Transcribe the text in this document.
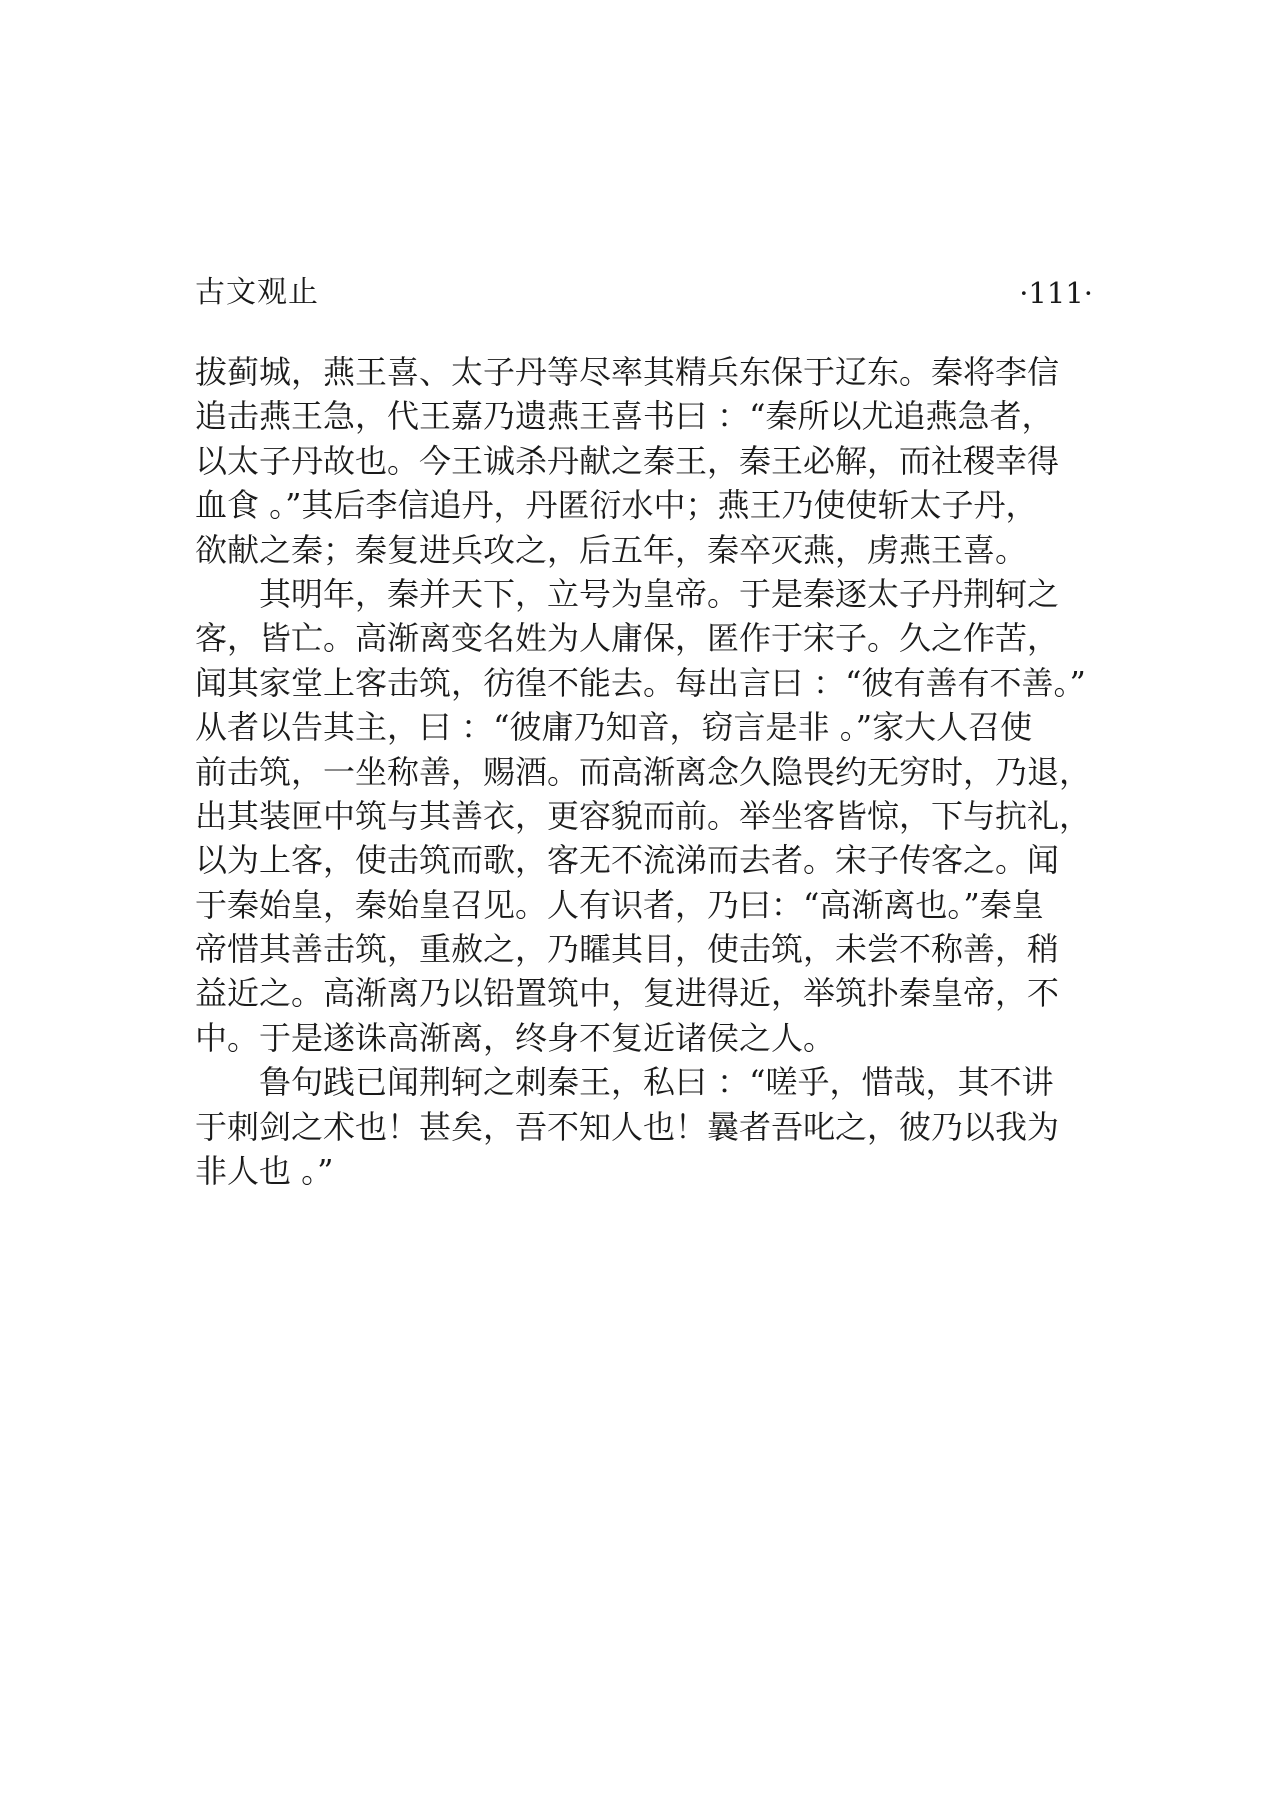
古文观止	·111·
拔蓟城，燕王喜、太子丹等尽率其精兵东保于辽东。秦将李信
追击燕王急，代王嘉乃遗燕王喜书曰 ：“秦所以尤追燕急者，
以太子丹故也。今王诚杀丹献之秦王，秦王必解，而社稷幸得
血食 。”其后李信追丹，丹匿衍水中；燕王乃使使斩太子丹，
欲献之秦；秦复进兵攻之，后五年，秦卒灭燕，虏燕王喜。
　　其明年，秦并天下，立号为皇帝。于是秦逐太子丹荆轲之
客，皆亡。高渐离变名姓为人庸保，匿作于宋子。久之作苦，
闻其家堂上客击筑，彷徨不能去。每出言曰 ：“彼有善有不善。”
从者以告其主，曰 ：“彼庸乃知音，窃言是非 。”家大人召使
前击筑，一坐称善，赐酒。而高渐离念久隐畏约无穷时，乃退，
出其装匣中筑与其善衣，更容貌而前。举坐客皆惊，下与抗礼，
以为上客，使击筑而歌，客无不流涕而去者。宋子传客之。闻
于秦始皇，秦始皇召见。人有识者，乃曰：“高渐离也。”秦皇
帝惜其善击筑，重赦之，乃矐其目，使击筑，未尝不称善，稍
益近之。高渐离乃以铅置筑中，复进得近，举筑扑秦皇帝，不
中。于是遂诛高渐离，终身不复近诸侯之人。
　　鲁句践已闻荆轲之刺秦王，私曰 ：“嗟乎，惜哉，其不讲
于刺剑之术也！甚矣，吾不知人也！曩者吾叱之，彼乃以我为
非人也 。”
